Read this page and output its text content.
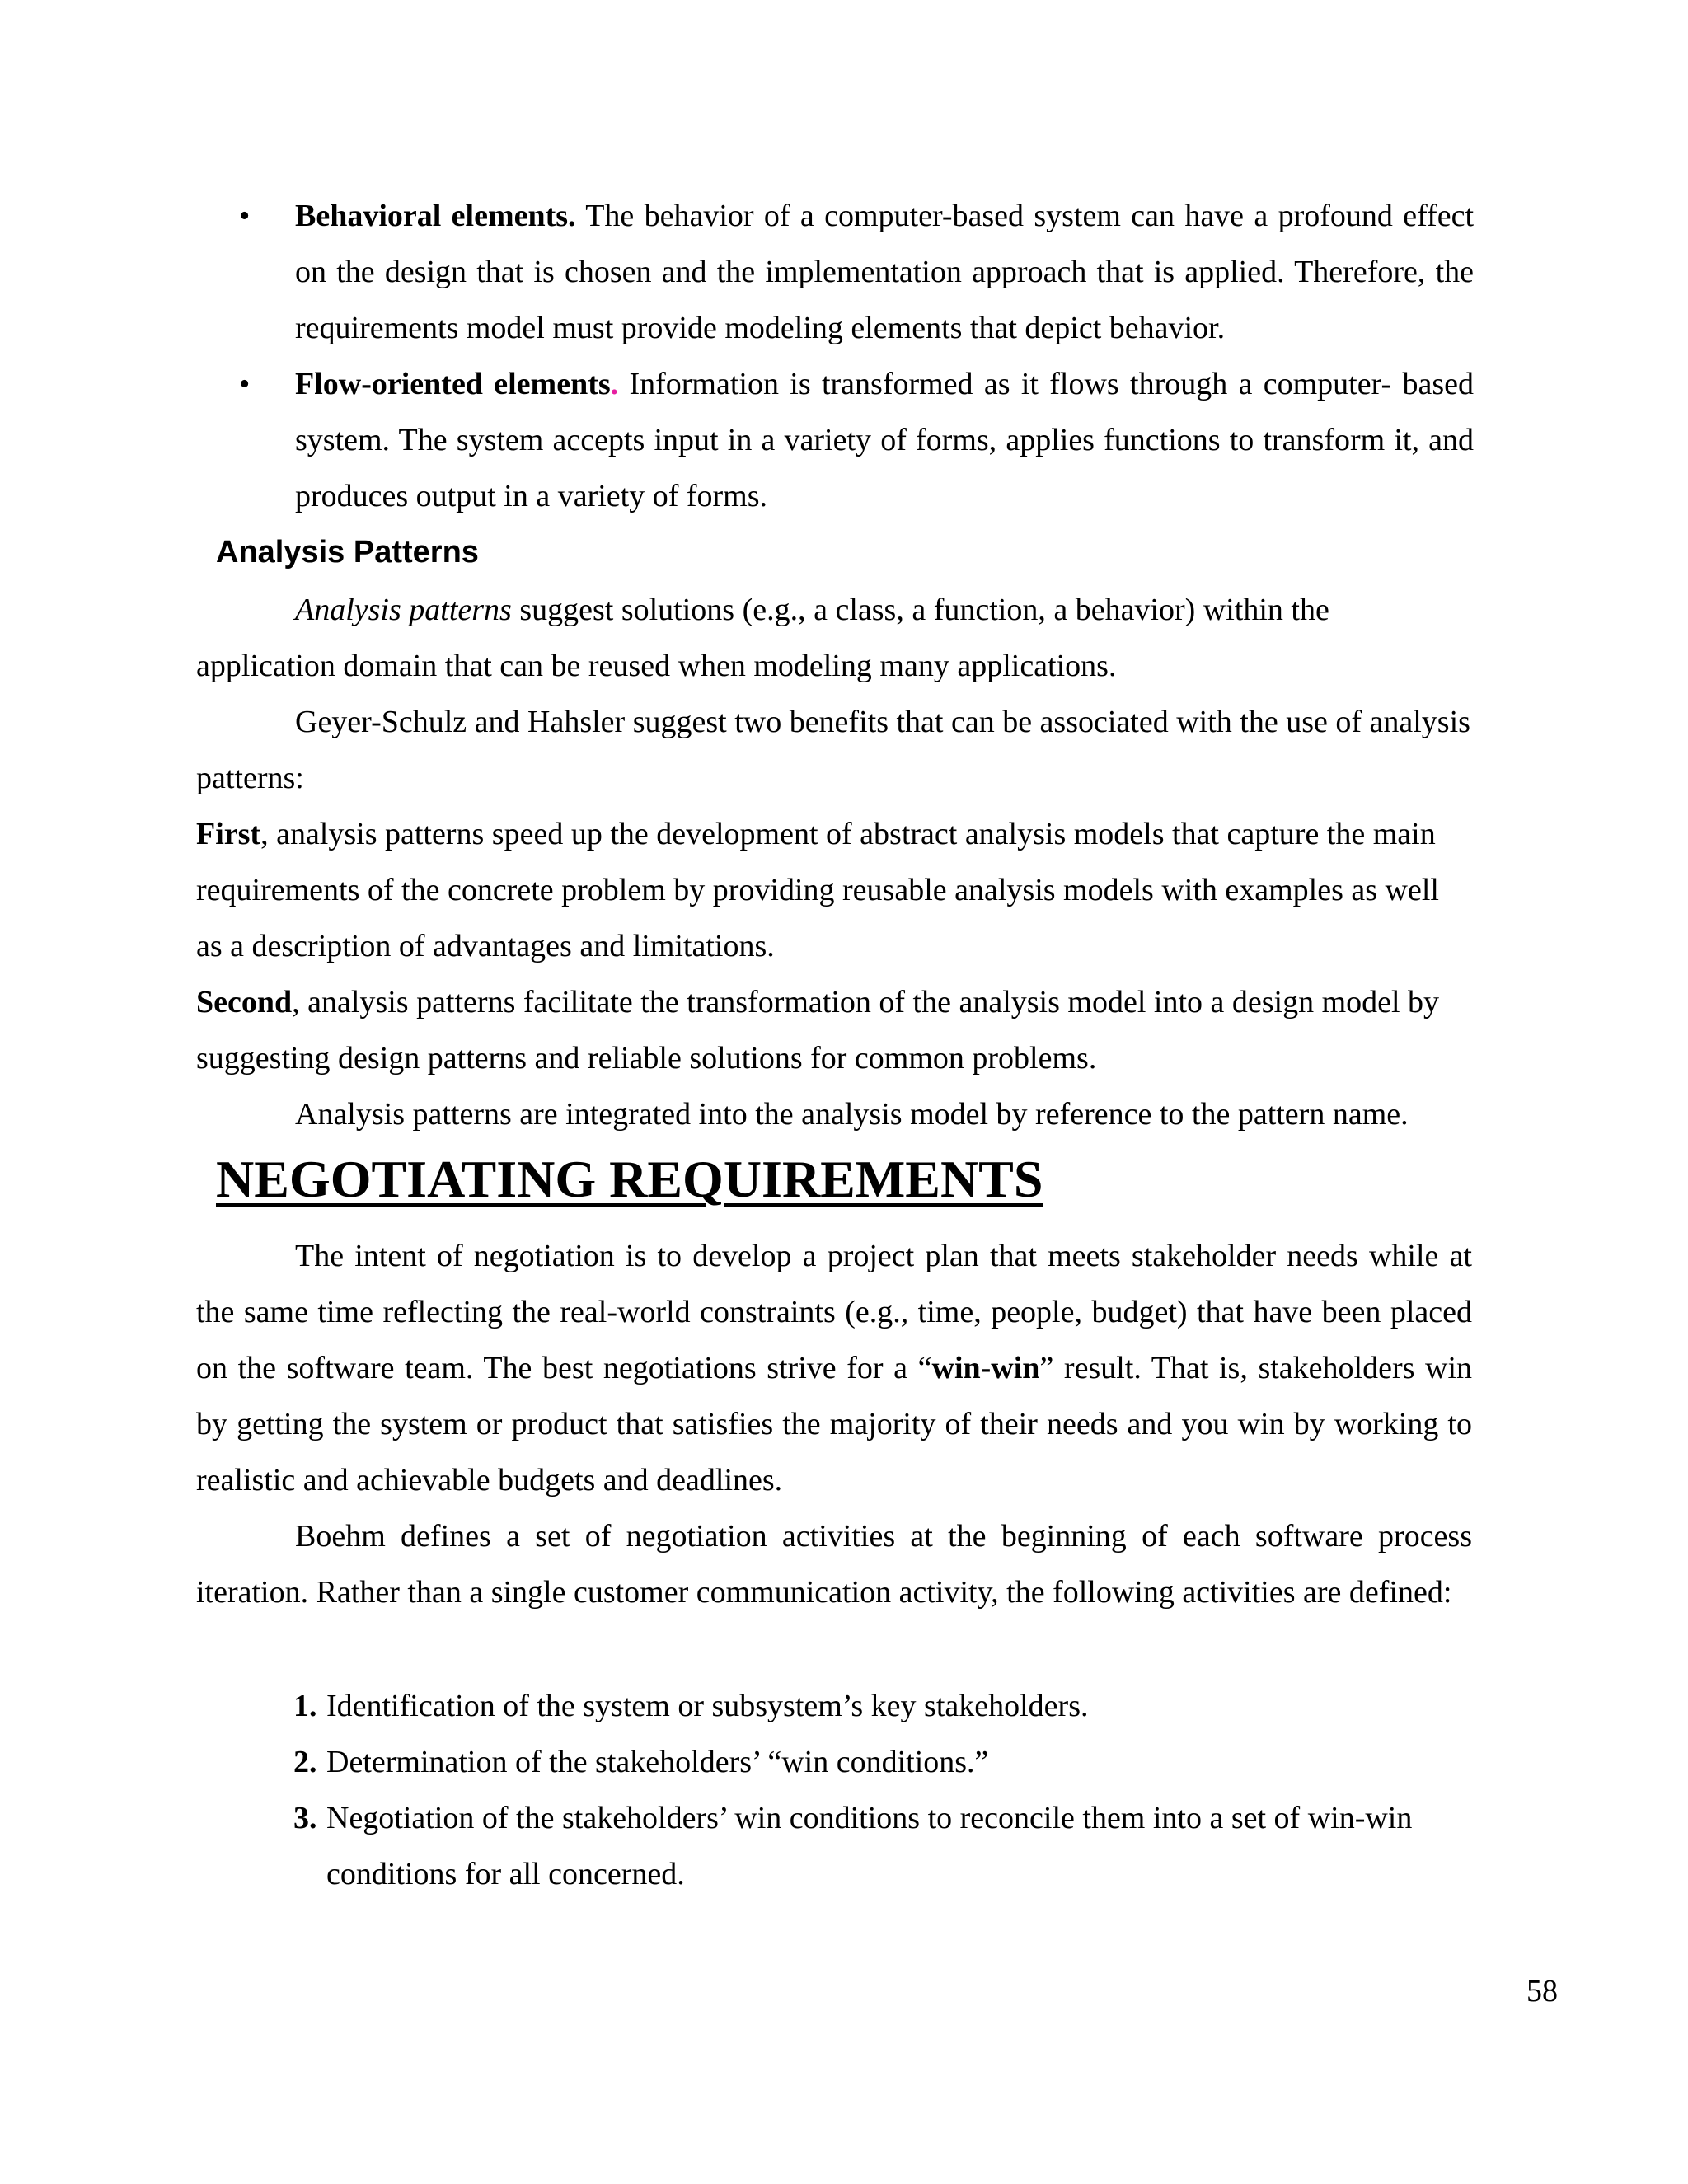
• Behavioral elements. The behavior of a computer-based system can have a profound effect on the design that is chosen and the implementation approach that is applied. Therefore, the requirements model must provide modeling elements that depict behavior.
• Flow-oriented elements. Information is transformed as it flows through a computer- based system. The system accepts input in a variety of forms, applies functions to transform it, and produces output in a variety of forms.
Analysis Patterns
Analysis patterns suggest solutions (e.g., a class, a function, a behavior) within the application domain that can be reused when modeling many applications.
Geyer-Schulz and Hahsler suggest two benefits that can be associated with the use of analysis patterns:
First, analysis patterns speed up the development of abstract analysis models that capture the main requirements of the concrete problem by providing reusable analysis models with examples as well as a description of advantages and limitations.
Second, analysis patterns facilitate the transformation of the analysis model into a design model by suggesting design patterns and reliable solutions for common problems.
Analysis patterns are integrated into the analysis model by reference to the pattern name.
NEGOTIATING REQUIREMENTS
The intent of negotiation is to develop a project plan that meets stakeholder needs while at the same time reflecting the real-world constraints (e.g., time, people, budget) that have been placed on the software team. The best negotiations strive for a “win-win” result. That is, stakeholders win by getting the system or product that satisfies the majority of their needs and you win by working to realistic and achievable budgets and deadlines.
Boehm defines a set of negotiation activities at the beginning of each software process iteration. Rather than a single customer communication activity, the following activities are defined:
1. Identification of the system or subsystem’s key stakeholders.
2. Determination of the stakeholders’ “win conditions.”
3. Negotiation of the stakeholders’ win conditions to reconcile them into a set of win-win conditions for all concerned.
58
